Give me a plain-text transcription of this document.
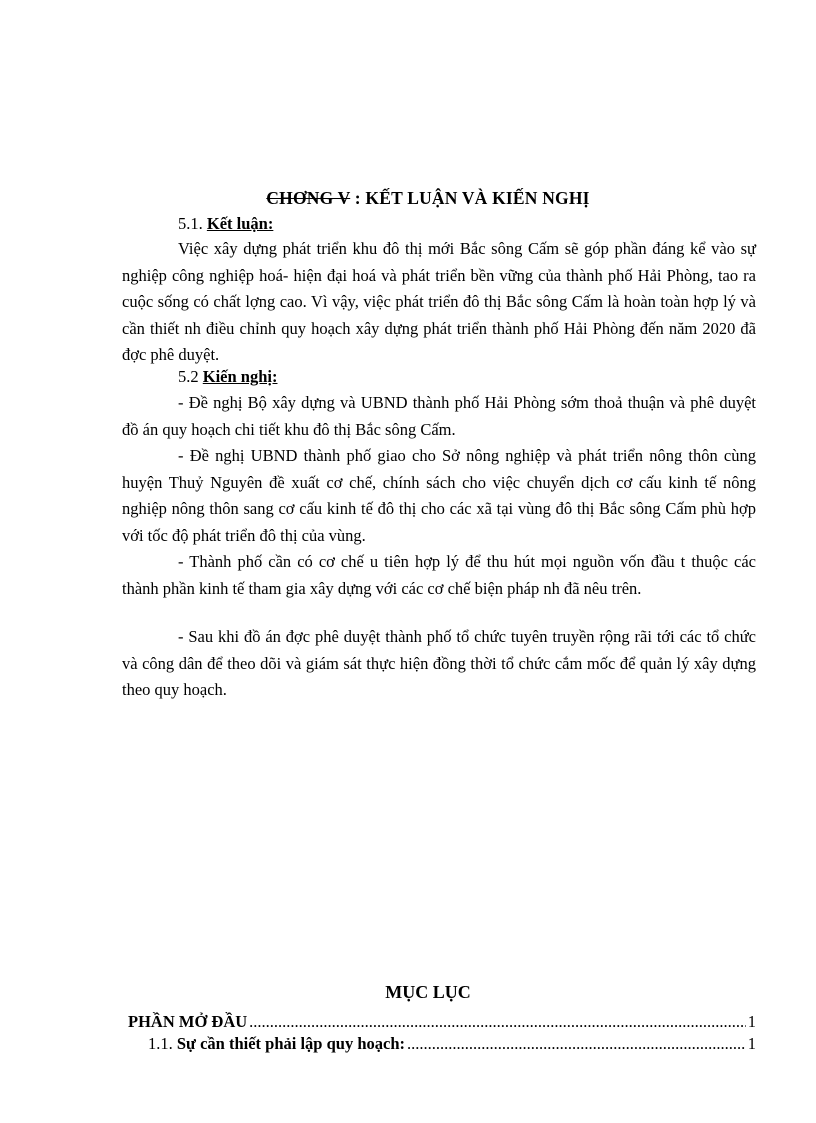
CHƠNG V : KẾT LUẬN VÀ KIẾN NGHỊ
5.1. Kết luận:

Việc xây dựng phát triển khu đô thị mới Bắc sông Cấm sẽ góp phần đáng kể vào sự nghiệp công nghiệp hoá- hiện đại hoá và phát triển bền vững của thành phố Hải Phòng, tao ra cuộc sống có chất lợng cao. Vì vậy, việc phát triển đô thị Bắc sông Cấm là hoàn toàn hợp lý và cần thiết nh điều chỉnh quy hoạch xây dựng phát triển thành phố Hải Phòng đến năm 2020 đã đợc phê duyệt.

5.2 Kiến nghị:

- Đề nghị Bộ xây dựng và UBND thành phố Hải Phòng sớm thoả thuận và phê duyệt đồ án quy hoạch chi tiết khu đô thị Bắc sông Cấm.

- Đề nghị UBND thành phố giao cho Sở nông nghiệp và phát triển nông thôn cùng huyện Thuỷ Nguyên đề xuất cơ chế, chính sách cho việc chuyển dịch cơ cấu kinh tế nông nghiệp nông thôn sang cơ cấu kinh tế đô thị cho các xã tại vùng đô thị Bắc sông Cấm phù hợp với tốc độ phát triển đô thị của vùng.

- Thành phố cần có cơ chế u tiên hợp lý để thu hút mọi nguồn vốn đầu t thuộc các thành phần kinh tế tham gia xây dựng với các cơ chế biện pháp nh đã nêu trên.

- Sau khi đồ án đợc phê duyệt thành phố tổ chức tuyên truyền rộng rãi tới các tổ chức và công dân để theo dõi và giám sát thực hiện đồng thời tổ chức cắm mốc để quản lý xây dựng theo quy hoạch.

MỤC LỤC
PHẦN MỞ ĐẦU .....	1
1.1.
Sự cần thiết phải lập quy hoạch: .....	1
